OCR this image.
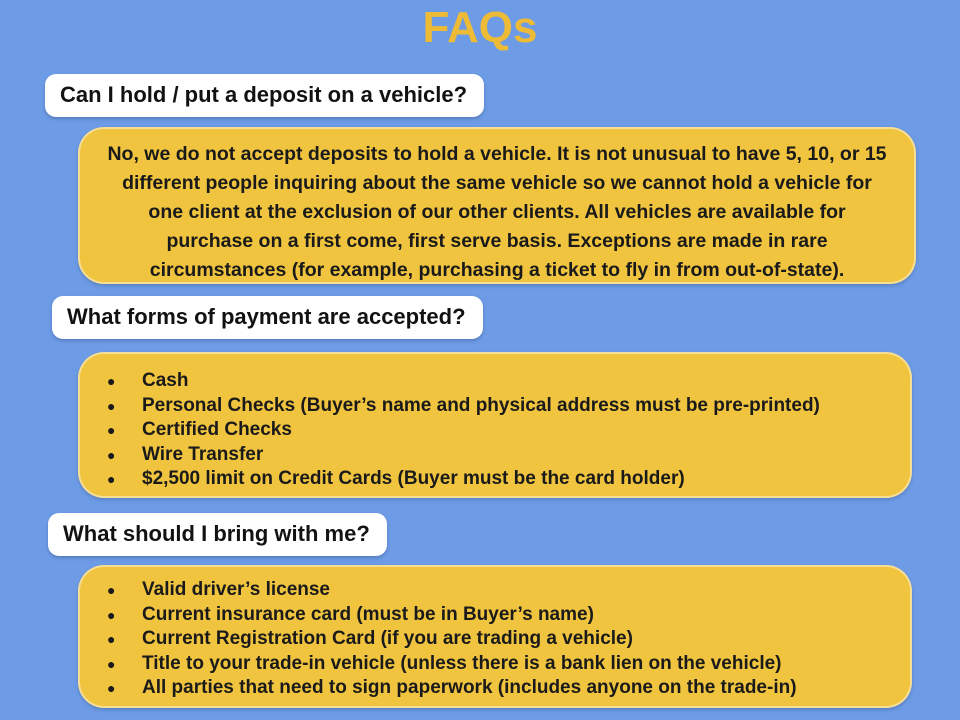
FAQs
Can I hold / put a deposit on a vehicle?
No, we do not accept deposits to hold a vehicle. It is not unusual to have 5, 10, or 15 different people inquiring about the same vehicle so we cannot hold a vehicle for one client at the exclusion of our other clients. All vehicles are available for purchase on a first come, first serve basis. Exceptions are made in rare circumstances (for example, purchasing a ticket to fly in from out-of-state).
What forms of payment are accepted?
●
Cash
●
Personal Checks (Buyer’s name and physical address must be pre-printed)
●
Certified Checks
●
Wire Transfer
●
$2,500 limit on Credit Cards (Buyer must be the card holder)
What should I bring with me?
●
Valid driver’s license
●
Current insurance card (must be in Buyer’s name)
●
Current Registration Card (if you are trading a vehicle)
●
Title to your trade-in vehicle (unless there is a bank lien on the vehicle)
●
All parties that need to sign paperwork (includes anyone on the trade-in)
